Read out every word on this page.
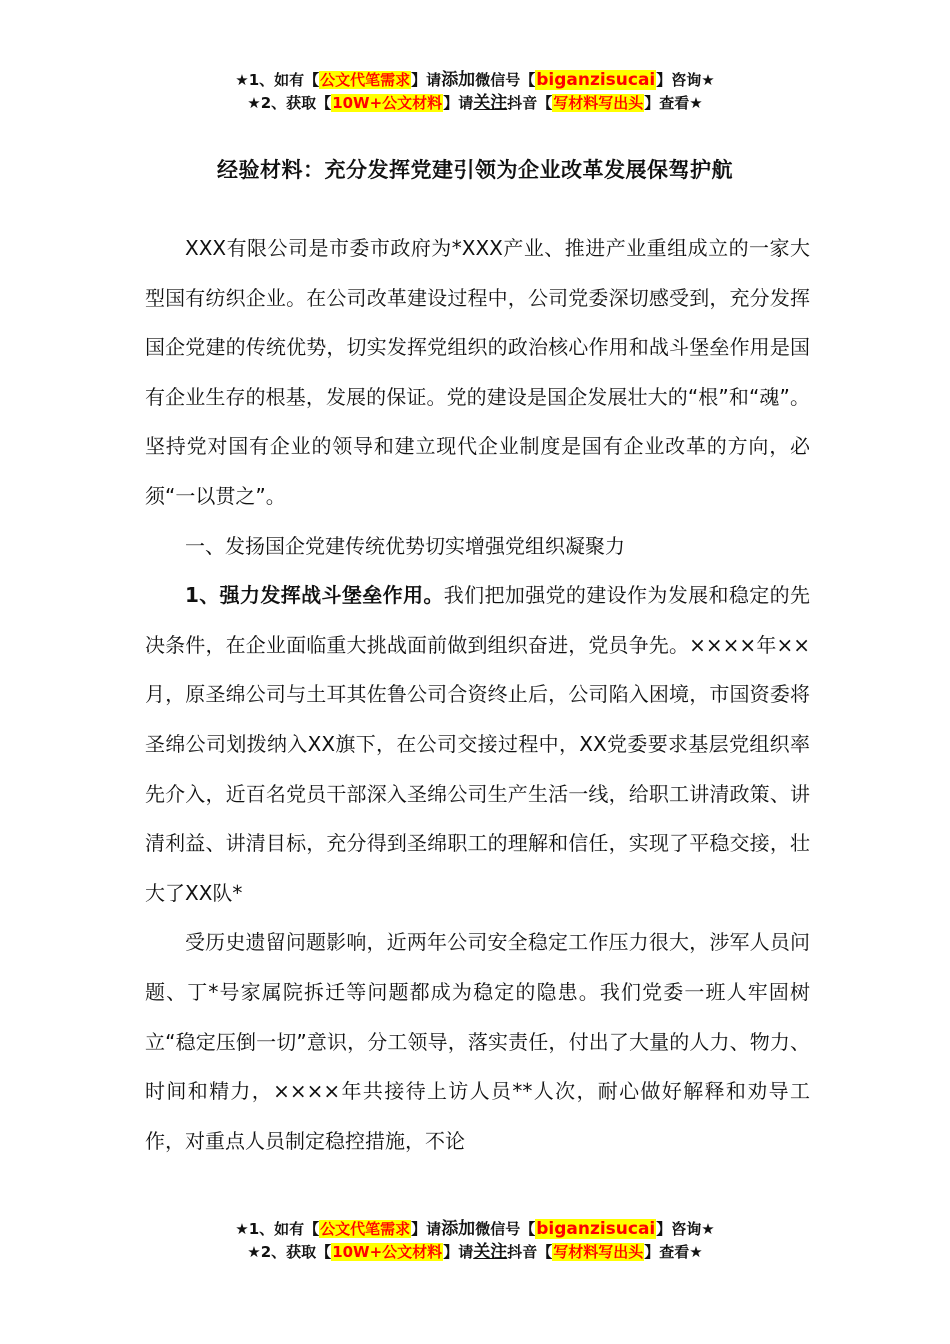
★1、如有【公文代笔需求】请添加微信号【biganzisucai】咨询★
★2、获取【10W+公文材料】请关注抖音【写材料写出头】查看★
经验材料：充分发挥党建引领为企业改革发展保驾护航

XXX有限公司是市委市政府为*XXX产业、推进产业重组成立的一家大型国有纺织企业。在公司改革建设过程中，公司党委深切感受到，充分发挥国企党建的传统优势，切实发挥党组织的政治核心作用和战斗堡垒作用是国有企业生存的根基，发展的保证。党的建设是国企发展壮大的“根”和“魂”。坚持党对国有企业的领导和建立现代企业制度是国有企业改革的方向，必须“一以贯之”。

一、发扬国企党建传统优势切实增强党组织凝聚力

1、强力发挥战斗堡垒作用。我们把加强党的建设作为发展和稳定的先决条件，在企业面临重大挑战面前做到组织奋进，党员争先。××××年××月，原圣绵公司与土耳其佐鲁公司合资终止后，公司陷入困境，市国资委将圣绵公司划拨纳入XX旗下，在公司交接过程中，XX党委要求基层党组织率先介入，近百名党员干部深入圣绵公司生产生活一线，给职工讲清政策、讲清利益、讲清目标，充分得到圣绵职工的理解和信任，实现了平稳交接，壮大了XX队*

受历史遗留问题影响，近两年公司安全稳定工作压力很大，涉军人员问题、丁*号家属院拆迁等问题都成为稳定的隐患。我们党委一班人牢固树立“稳定压倒一切”意识，分工领导，落实责任，付出了大量的人力、物力、时间和精力，××××年共接待上访人员**人次，耐心做好解释和劝导工作，对重点人员制定稳控措施，不论

★1、如有【公文代笔需求】请添加微信号【biganzisucai】咨询★
★2、获取【10W+公文材料】请关注抖音【写材料写出头】查看★
